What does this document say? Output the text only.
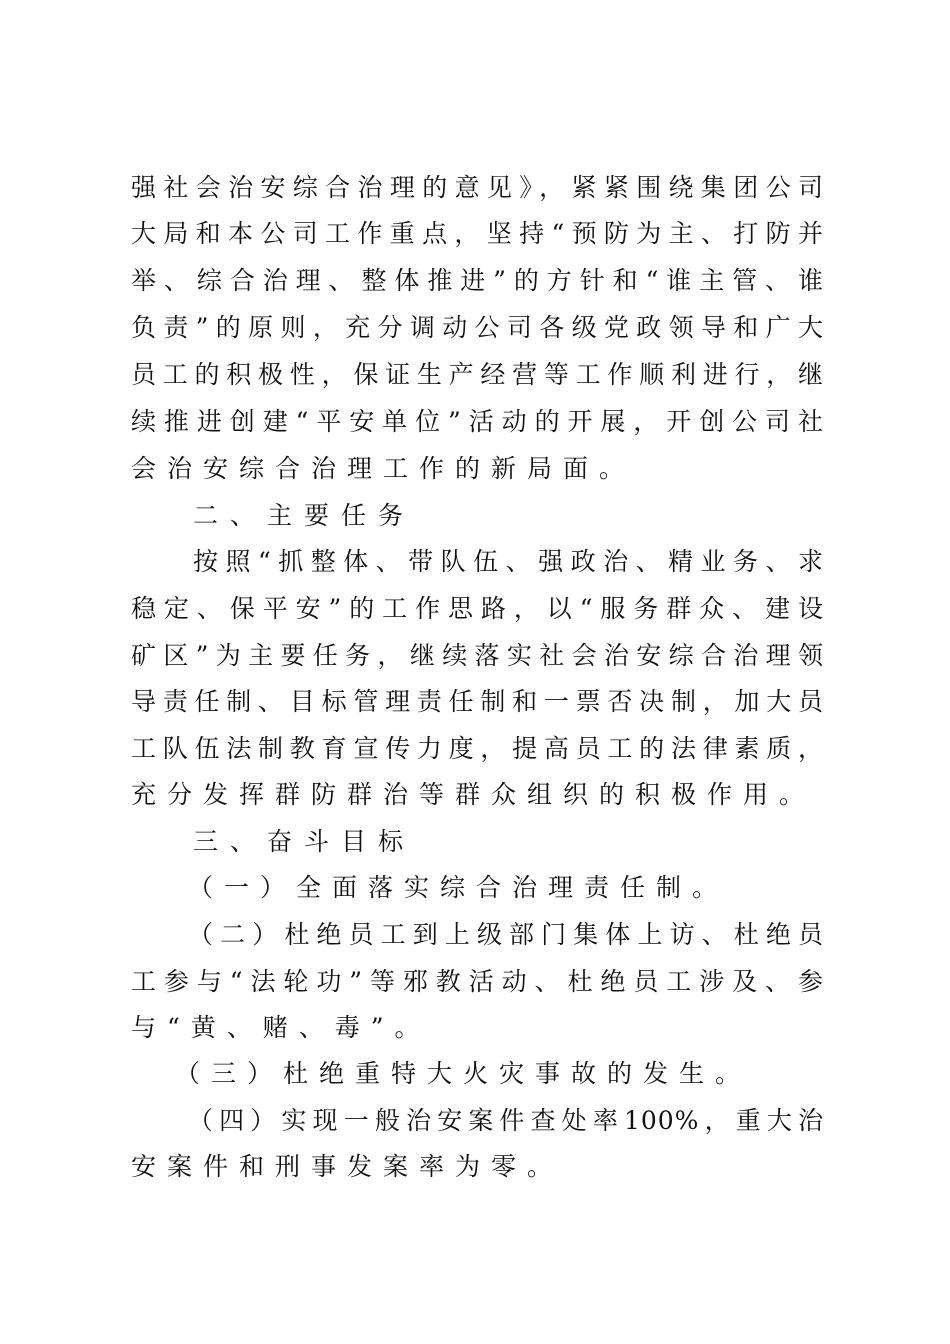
强社会治安综合治理的意见》，紧紧围绕集团公司
大局和本公司工作重点，坚持“预防为主、打防并
举、综合治理、整体推进”的方针和“谁主管、谁
负责”的原则，充分调动公司各级党政领导和广大
员工的积极性，保证生产经营等工作顺利进行，继
续推进创建“平安单位”活动的开展，开创公司社
会治安综合治理工作的新局面。
二、主要任务
按照“抓整体、带队伍、强政治、精业务、求
稳定、保平安”的工作思路，以“服务群众、建设
矿区”为主要任务，继续落实社会治安综合治理领
导责任制、目标管理责任制和一票否决制，加大员
工队伍法制教育宣传力度，提高员工的法律素质，
充分发挥群防群治等群众组织的积极作用。
三、奋斗目标
（一）全面落实综合治理责任制。
（二）杜绝员工到上级部门集体上访、杜绝员
工参与“法轮功”等邪教活动、杜绝员工涉及、参
与“黄、赌、毒”。
（三）杜绝重特大火灾事故的发生。
（四）实现一般治安案件查处率100%，重大治
安案件和刑事发案率为零。
